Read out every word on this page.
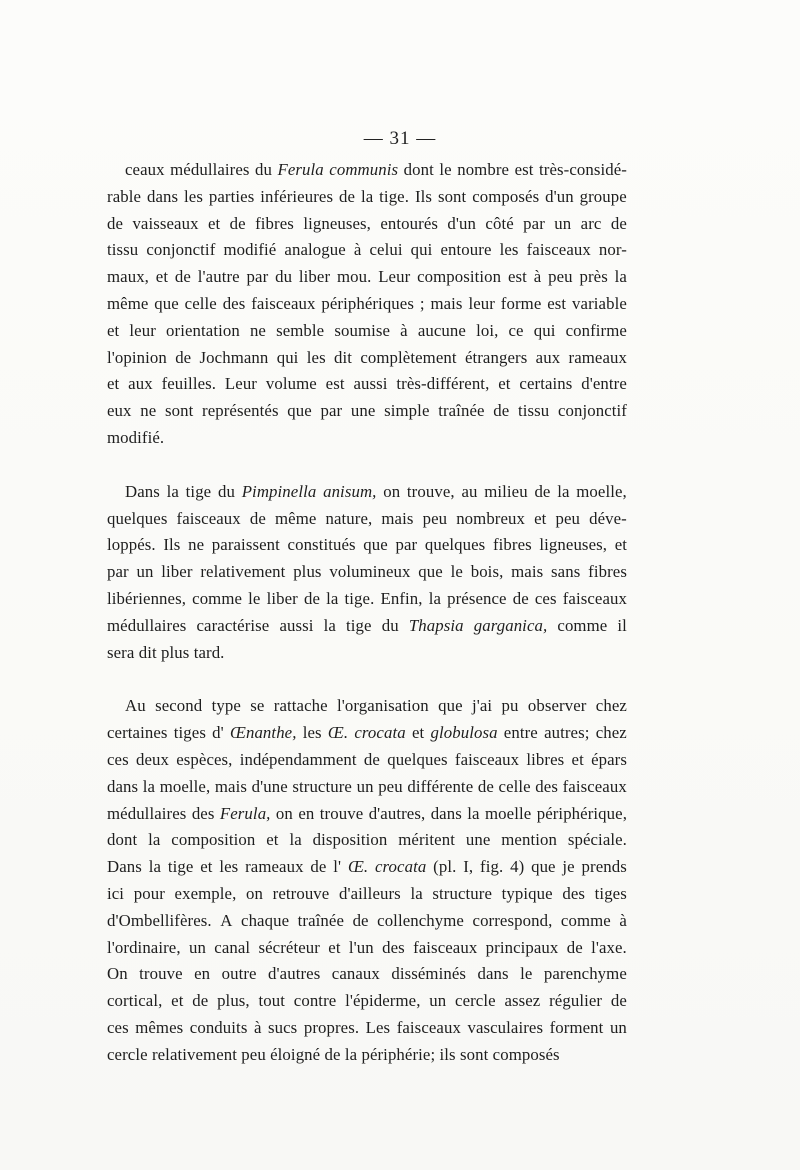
— 31 —
ceaux médullaires du Ferula communis dont le nombre est très-considé-
rable dans les parties inférieures de la tige. Ils sont composés d'un groupe
de vaisseaux et de fibres ligneuses, entourés d'un côté par un arc de
tissu conjonctif modifié analogue à celui qui entoure les faisceaux nor-
maux, et de l'autre par du liber mou. Leur composition est à peu près la
même que celle des faisceaux périphériques ; mais leur forme est variable
et leur orientation ne semble soumise à aucune loi, ce qui confirme
l'opinion de Jochmann qui les dit complètement étrangers aux rameaux
et aux feuilles. Leur volume est aussi très-différent, et certains d'entre
eux ne sont représentés que par une simple traînée de tissu conjonctif
modifié.
Dans la tige du Pimpinella anisum, on trouve, au milieu de la moelle,
quelques faisceaux de même nature, mais peu nombreux et peu déve-
loppés. Ils ne paraissent constitués que par quelques fibres ligneuses, et
par un liber relativement plus volumineux que le bois, mais sans fibres
libériennes, comme le liber de la tige. Enfin, la présence de ces faisceaux
médullaires caractérise aussi la tige du Thapsia garganica, comme il
sera dit plus tard.
Au second type se rattache l'organisation que j'ai pu observer chez
certaines tiges d' Œnanthe, les Œ. crocata et globulosa entre autres; chez
ces deux espèces, indépendamment de quelques faisceaux libres et épars
dans la moelle, mais d'une structure un peu différente de celle des faisceaux
médullaires des Ferula, on en trouve d'autres, dans la moelle périphérique,
dont la composition et la disposition méritent une mention spéciale.
Dans la tige et les rameaux de l' Œ. crocata (pl. I, fig. 4) que je prends
ici pour exemple, on retrouve d'ailleurs la structure typique des tiges
d'Ombellifères. A chaque traînée de collenchyme correspond, comme à
l'ordinaire, un canal sécréteur et l'un des faisceaux principaux de l'axe.
On trouve en outre d'autres canaux disséminés dans le parenchyme
cortical, et de plus, tout contre l'épiderme, un cercle assez régulier de
ces mêmes conduits à sucs propres. Les faisceaux vasculaires forment un
cercle relativement peu éloigné de la périphérie; ils sont composés
